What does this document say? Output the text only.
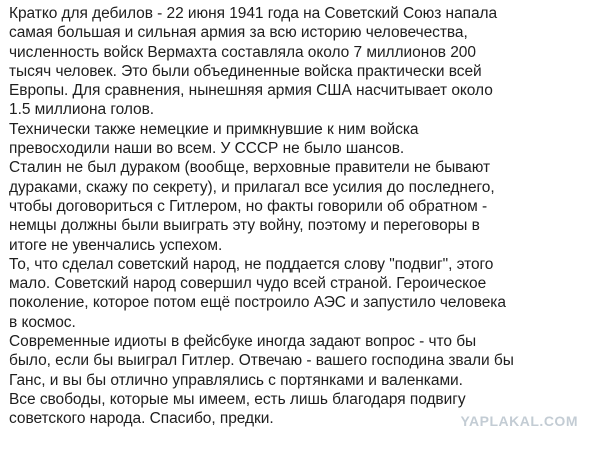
Кратко для дебилов - 22 июня 1941 года на Советский Союз напала
самая большая и сильная армия за всю историю человечества,
численность войск Вермахта составляла около 7 миллионов 200
тысяч человек. Это были объединенные войска практически всей
Европы. Для сравнения, нынешняя армия США насчитывает около
1.5 миллиона голов.
Технически также немецкие и примкнувшие к ним войска
превосходили наши во всем. У СССР не было шансов.
Сталин не был дураком (вообще, верховные правители не бывают
дураками, скажу по секрету), и прилагал все усилия до последнего,
чтобы договориться с Гитлером, но факты говорили об обратном -
немцы должны были выиграть эту войну, поэтому и переговоры в
итоге не увенчались успехом.
То, что сделал советский народ, не поддается слову "подвиг", этого
мало. Советский народ совершил чудо всей страной. Героическое
поколение, которое потом ещё построило АЭС и запустило человека
в космос.
Современные идиоты в фейсбуке иногда задают вопрос - что бы
было, если бы выиграл Гитлер. Отвечаю - вашего господина звали бы
Ганс, и вы бы отлично управлялись с портянками и валенками.
Все свободы, которые мы имеем, есть лишь благодаря подвигу
советского народа. Спасибо, предки.	YAPLAKAL.COM
